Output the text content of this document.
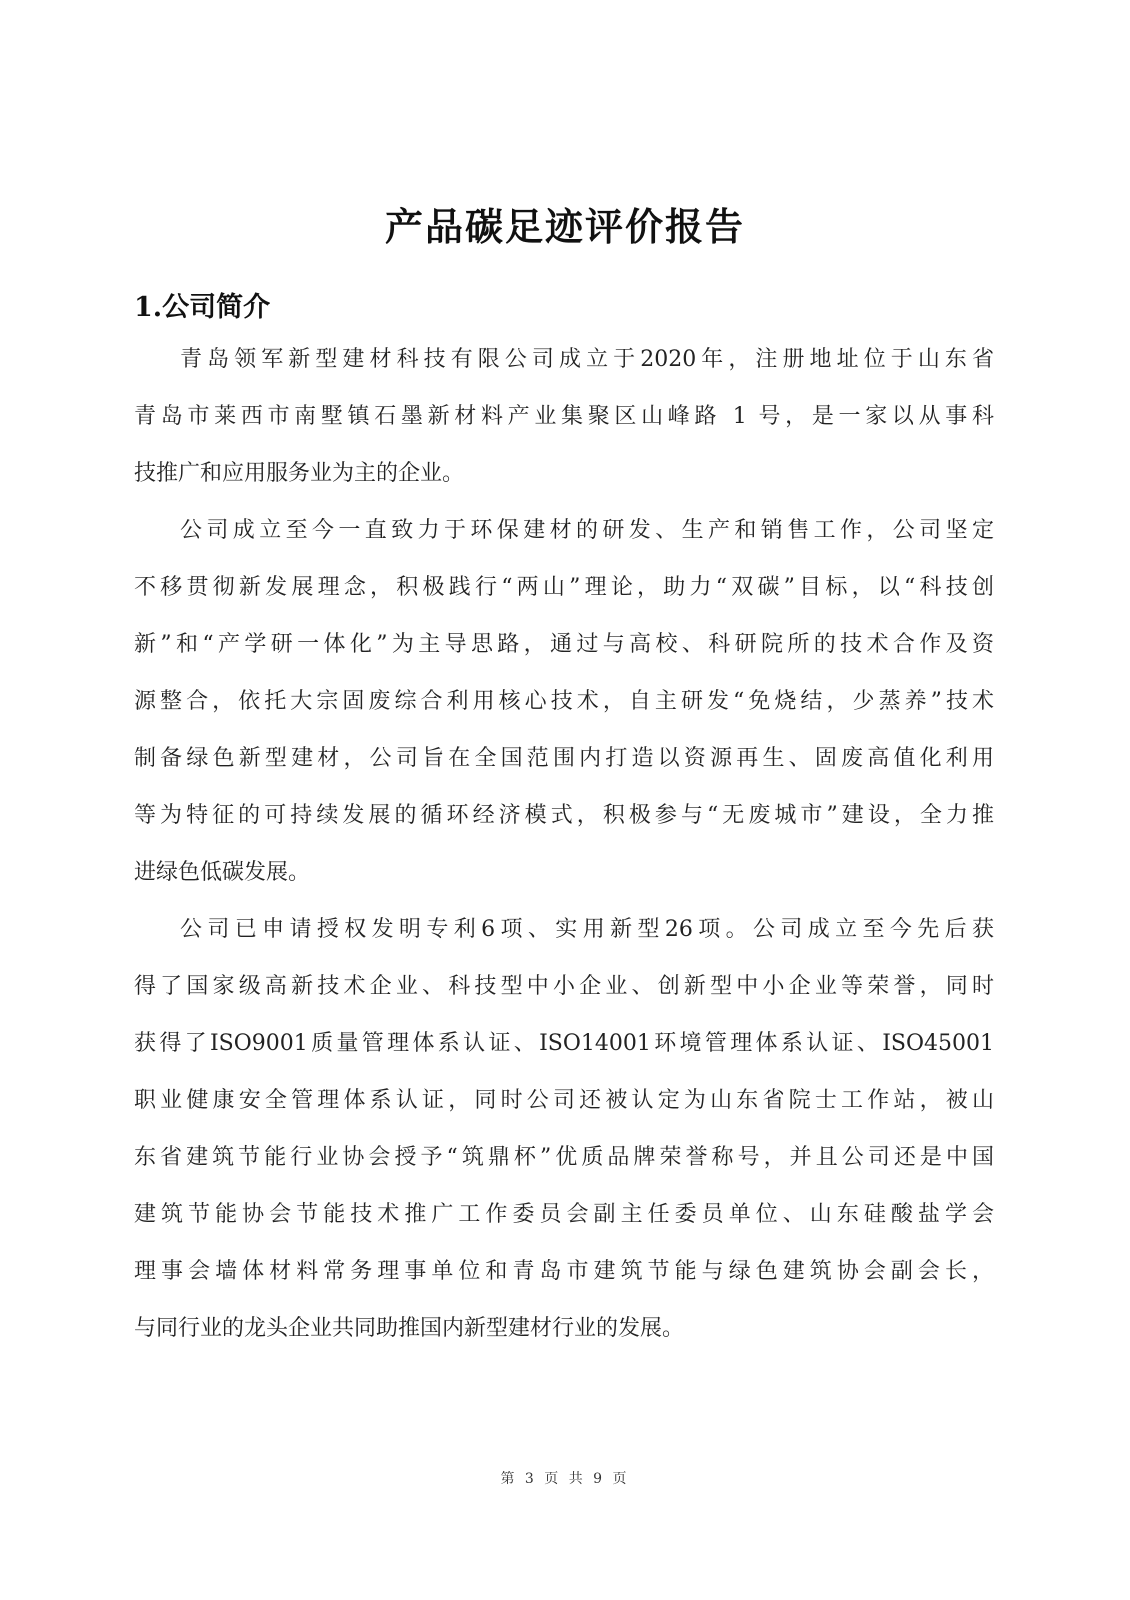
产品碳足迹评价报告
1.公司简介
青岛领军新型建材科技有限公司成立于2020年，注册地址位于山东省
青岛市莱西市南墅镇石墨新材料产业集聚区山峰路 1 号，是一家以从事科
技推广和应用服务业为主的企业。
公司成立至今一直致力于环保建材的研发、生产和销售工作，公司坚定
不移贯彻新发展理念，积极践行“两山”理论，助力“双碳”目标，以“科技创
新”和“产学研一体化”为主导思路，通过与高校、科研院所的技术合作及资
源整合，依托大宗固废综合利用核心技术，自主研发“免烧结，少蒸养”技术
制备绿色新型建材，公司旨在全国范围内打造以资源再生、固废高值化利用
等为特征的可持续发展的循环经济模式，积极参与“无废城市”建设，全力推
进绿色低碳发展。
公司已申请授权发明专利6项、实用新型26项。公司成立至今先后获
得了国家级高新技术企业、科技型中小企业、创新型中小企业等荣誉，同时
获得了ISO9001质量管理体系认证、ISO14001环境管理体系认证、ISO45001
职业健康安全管理体系认证，同时公司还被认定为山东省院士工作站，被山
东省建筑节能行业协会授予“筑鼎杯”优质品牌荣誉称号，并且公司还是中国
建筑节能协会节能技术推广工作委员会副主任委员单位、山东硅酸盐学会
理事会墙体材料常务理事单位和青岛市建筑节能与绿色建筑协会副会长，
与同行业的龙头企业共同助推国内新型建材行业的发展。
第 3 页 共 9 页
